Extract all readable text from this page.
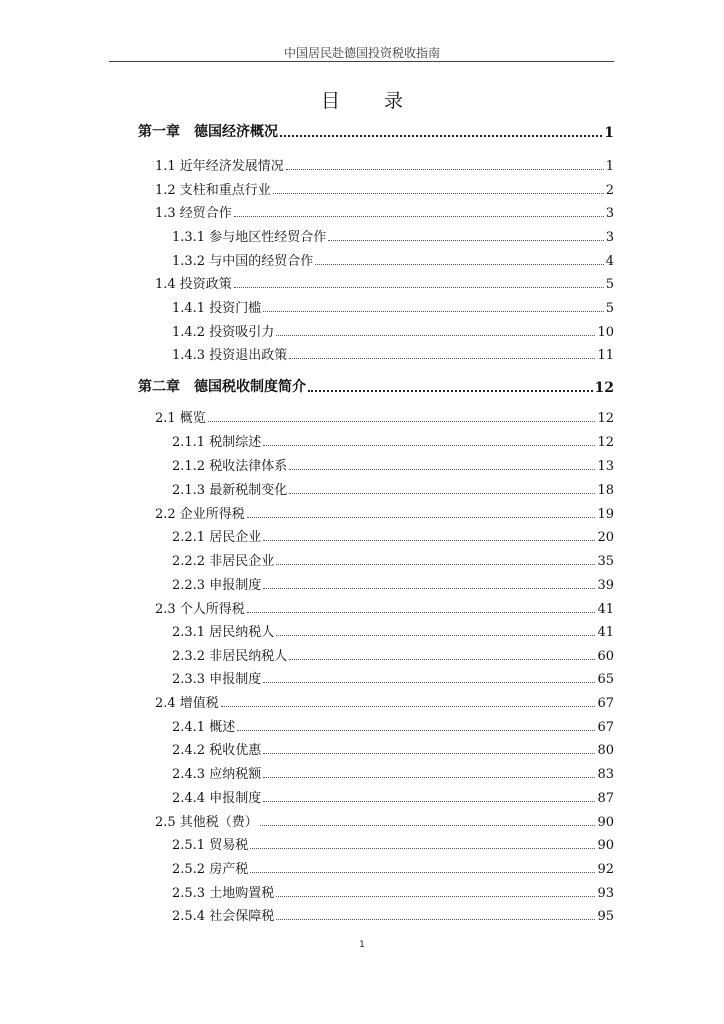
中国居民赴德国投资税收指南
目录
第一章　德国经济概况	1
1.1 近年经济发展情况	1
1.2 支柱和重点行业	2
1.3 经贸合作	3
1.3.1 参与地区性经贸合作	3
1.3.2 与中国的经贸合作	4
1.4 投资政策	5
1.4.1 投资门槛	5
1.4.2 投资吸引力	10
1.4.3 投资退出政策	11
第二章　德国税收制度简介	12
2.1 概览	12
2.1.1 税制综述	12
2.1.2 税收法律体系	13
2.1.3 最新税制变化	18
2.2 企业所得税	19
2.2.1 居民企业	20
2.2.2 非居民企业	35
2.2.3 申报制度	39
2.3 个人所得税	41
2.3.1 居民纳税人	41
2.3.2 非居民纳税人	60
2.3.3 申报制度	65
2.4 增值税	67
2.4.1 概述	67
2.4.2 税收优惠	80
2.4.3 应纳税额	83
2.4.4 申报制度	87
2.5 其他税（费）	90
2.5.1 贸易税	90
2.5.2 房产税	92
2.5.3 土地购置税	93
2.5.4 社会保障税	95
1
